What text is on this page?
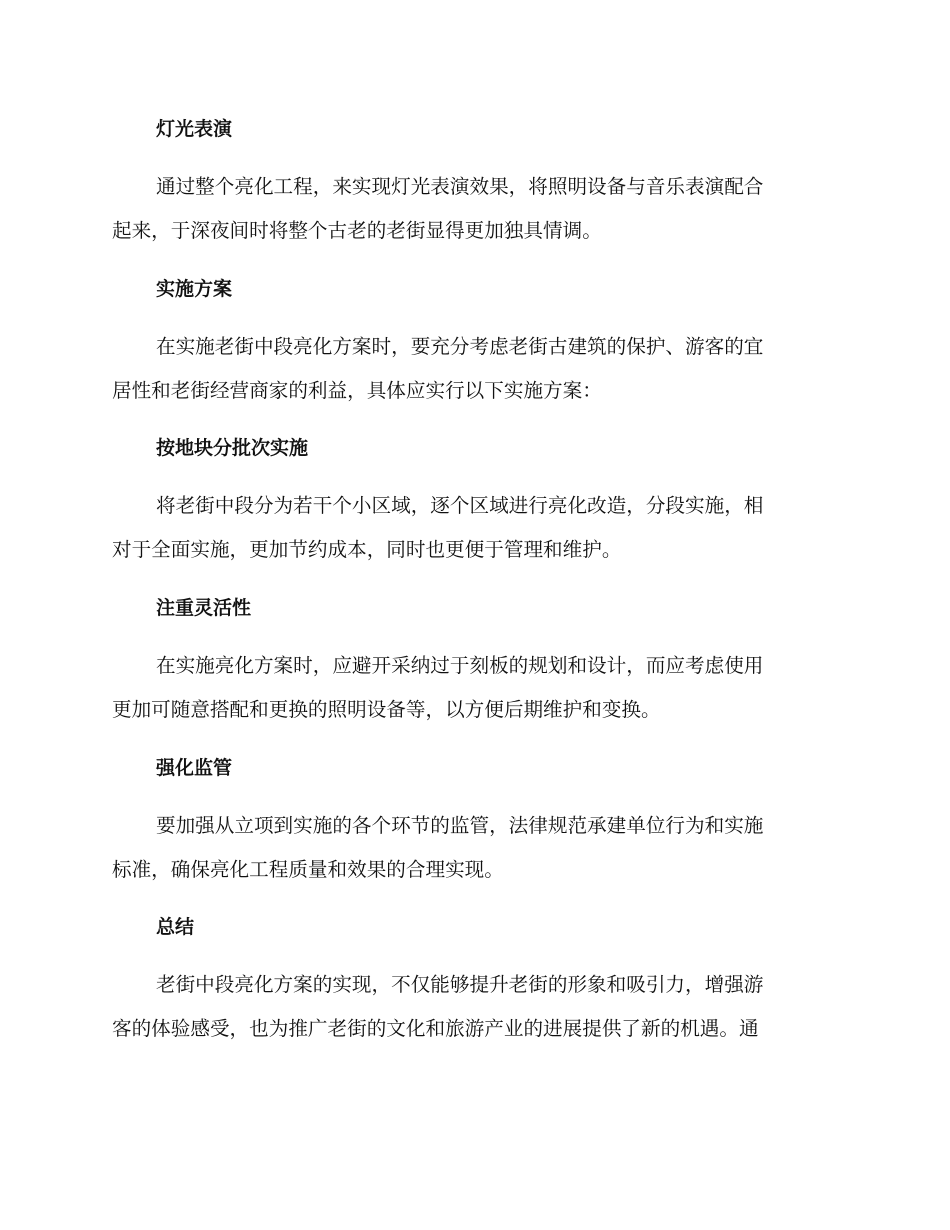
灯光表演

通过整个亮化工程，来实现灯光表演效果，将照明设备与音乐表演配合
起来，于深夜间时将整个古老的老街显得更加独具情调。

实施方案

在实施老街中段亮化方案时，要充分考虑老街古建筑的保护、游客的宜
居性和老街经营商家的利益，具体应实行以下实施方案：

按地块分批次实施

将老街中段分为若干个小区域，逐个区域进行亮化改造，分段实施，相
对于全面实施，更加节约成本，同时也更便于管理和维护。

注重灵活性

在实施亮化方案时，应避开采纳过于刻板的规划和设计，而应考虑使用
更加可随意搭配和更换的照明设备等，以方便后期维护和变换。

强化监管

要加强从立项到实施的各个环节的监管，法律规范承建单位行为和实施
标准，确保亮化工程质量和效果的合理实现。

总结

老街中段亮化方案的实现，不仅能够提升老街的形象和吸引力，增强游
客的体验感受，也为推广老街的文化和旅游产业的进展提供了新的机遇。通
